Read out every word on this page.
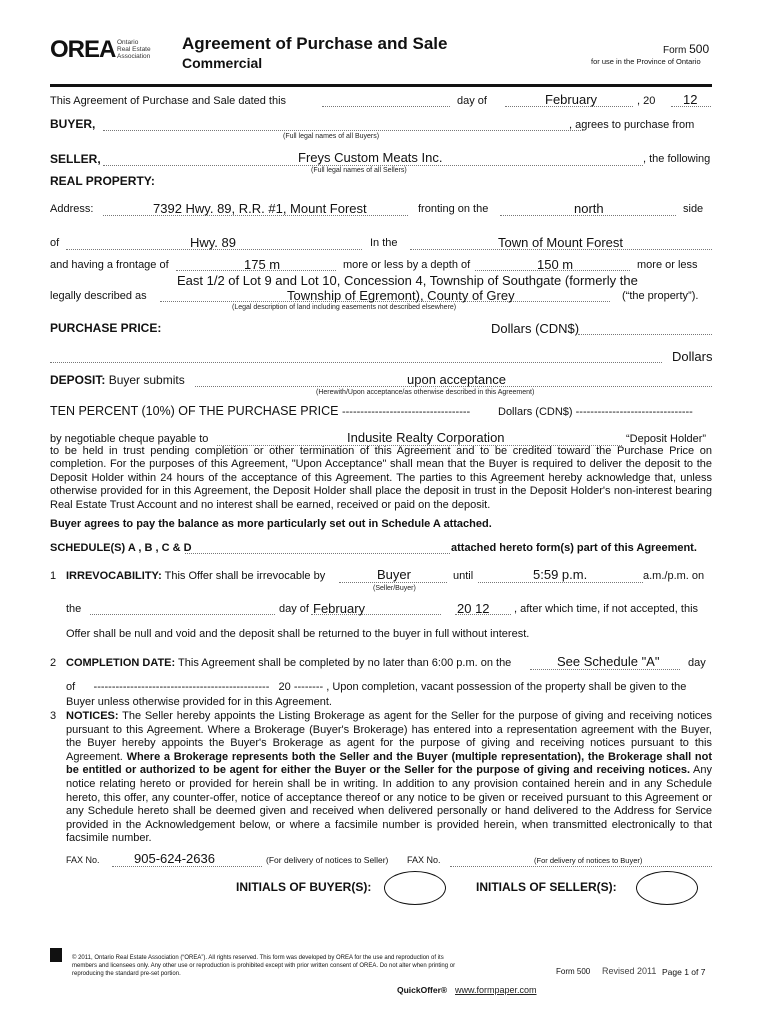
OREA Ontario
Real Estate
Association
Agreement of Purchase and Sale
Commercial
Form 500
for use in the Province of Ontario
This Agreement of Purchase and Sale dated this	day of	February	, 20 12
BUYER,
(Full legal names of all Buyers)
, agrees to purchase from
SELLER,	Freys Custom Meats Inc.
(Full legal names of all Sellers)
, the following
REAL PROPERTY:
Address:	7392 Hwy. 89, R.R. #1, Mount Forest	fronting on the	north	side
of	Hwy. 89	In the	Town of Mount Forest
and having a frontage of	175 m	more or less by a depth of	150 m	more or less
East 1/2 of Lot 9 and Lot 10, Concession 4, Township of Southgate (formerly the
legally described as	Township of Egremont), County of Grey	(“the property”).
(Legal description of land including easements not described elsewhere)
PURCHASE PRICE:	Dollars (CDN$)
Dollars
DEPOSIT: Buyer submits	upon acceptance
(Herewith/Upon acceptance/as otherwise described in this Agreement)
TEN PERCENT (10%) OF THE PURCHASE PRICE -----------------------------------	Dollars (CDN$) --------------------------------
by negotiable cheque payable to	Indusite Realty Corporation	“Deposit Holder”
to be held in trust pending completion or other termination of this Agreement and to be credited toward the Purchase Price on completion. For the purposes of this Agreement, "Upon Acceptance" shall mean that the Buyer is required to deliver the deposit to the Deposit Holder within 24 hours of the acceptance of this Agreement. The parties to this Agreement hereby acknowledge that, unless otherwise provided for in this Agreement, the Deposit Holder shall place the deposit in trust in the Deposit Holder's non-interest bearing Real Estate Trust Account and no interest shall be earned, received or paid on the deposit.
Buyer agrees to pay the balance as more particularly set out in Schedule A attached.
SCHEDULE(S) A , B , C & D	attached hereto form(s) part of this Agreement.
1 IRREVOCABILITY: This Offer shall be irrevocable by	Buyer
(Seller/Buyer)
until	5:59 p.m.	a.m./p.m. on
the	day of February	20 12 , after which time, if not accepted, this
Offer shall be null and void and the deposit shall be returned to the buyer in full without interest.
2 COMPLETION DATE: This Agreement shall be completed by no later than 6:00 p.m. on the	See Schedule "A"	day
of ------------------------------------------------ 20 -------- , Upon completion, vacant possession of the property shall be given to the
Buyer unless otherwise provided for in this Agreement.
3 NOTICES: The Seller hereby appoints the Listing Brokerage as agent for the Seller for the purpose of giving and receiving notices pursuant to this Agreement. Where a Brokerage (Buyer's Brokerage) has entered into a representation agreement with the Buyer, the Buyer hereby appoints the Buyer's Brokerage as agent for the purpose of giving and receiving notices pursuant to this Agreement. Where a Brokerage represents both the Seller and the Buyer (multiple representation), the Brokerage shall not be entitled or authorized to be agent for either the Buyer or the Seller for the purpose of giving and receiving notices. Any notice relating hereto or provided for herein shall be in writing. In addition to any provision contained herein and in any Schedule hereto, this offer, any counter-offer, notice of acceptance thereof or any notice to be given or received pursuant to this Agreement or any Schedule hereto shall be deemed given and received when delivered personally or hand delivered to the Address for Service provided in the Acknowledgement below, or where a facsimile number is provided herein, when transmitted electronically to that facsimile number.
FAX No.	905-624-2636	(For delivery of notices to Seller) FAX No.	(For delivery of notices to Buyer)
INITIALS OF BUYER(S):	INITIALS OF SELLER(S):
© 2011, Ontario Real Estate Association (“OREA”). All rights reserved. This form was developed by OREA for the use and reproduction of its
members and licensees only. Any other use or reproduction is prohibited except with prior written consent of OREA. Do not alter when printing or
reproducing the standard pre-set portion.	Form 500 Revised 2011 Page 1 of 7
QuickOffer® www.formpaper.com
